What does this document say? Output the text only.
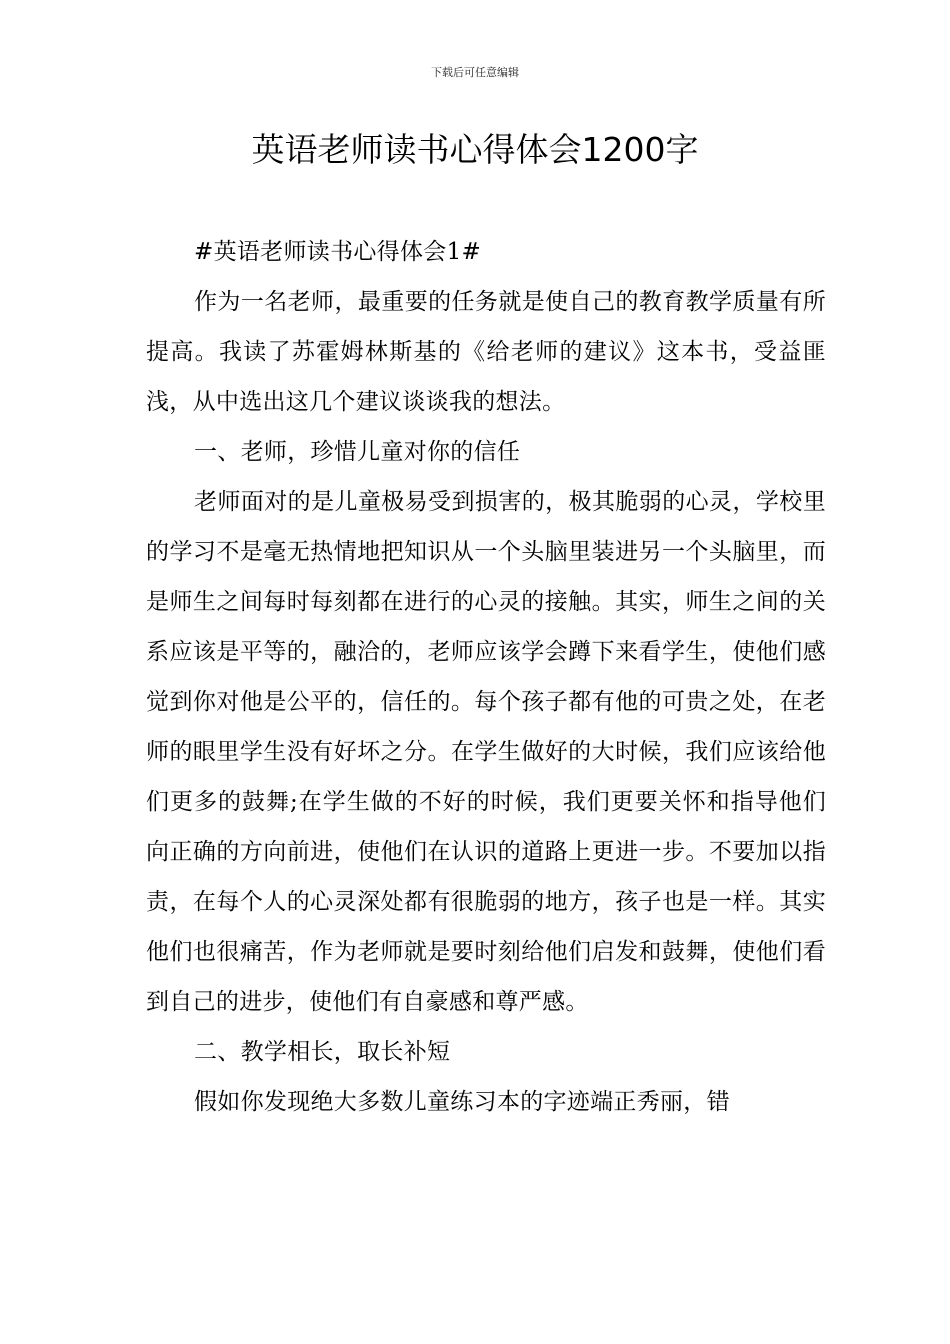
下载后可任意编辑
英语老师读书心得体会1200字

#英语老师读书心得体会1#

作为一名老师，最重要的任务就是使自己的教育教学质量有所提高。我读了苏霍姆林斯基的《给老师的建议》这本书，受益匪浅，从中选出这几个建议谈谈我的想法。

一、老师，珍惜儿童对你的信任

老师面对的是儿童极易受到损害的，极其脆弱的心灵，学校里的学习不是毫无热情地把知识从一个头脑里装进另一个头脑里，而是师生之间每时每刻都在进行的心灵的接触。其实，师生之间的关系应该是平等的，融洽的，老师应该学会蹲下来看学生，使他们感觉到你对他是公平的，信任的。每个孩子都有他的可贵之处，在老师的眼里学生没有好坏之分。在学生做好的大时候，我们应该给他们更多的鼓舞;在学生做的不好的时候，我们更要关怀和指导他们向正确的方向前进，使他们在认识的道路上更进一步。不要加以指责，在每个人的心灵深处都有很脆弱的地方，孩子也是一样。其实他们也很痛苦，作为老师就是要时刻给他们启发和鼓舞，使他们看到自己的进步，使他们有自豪感和尊严感。

二、教学相长，取长补短

假如你发现绝大多数儿童练习本的字迹端正秀丽，错
